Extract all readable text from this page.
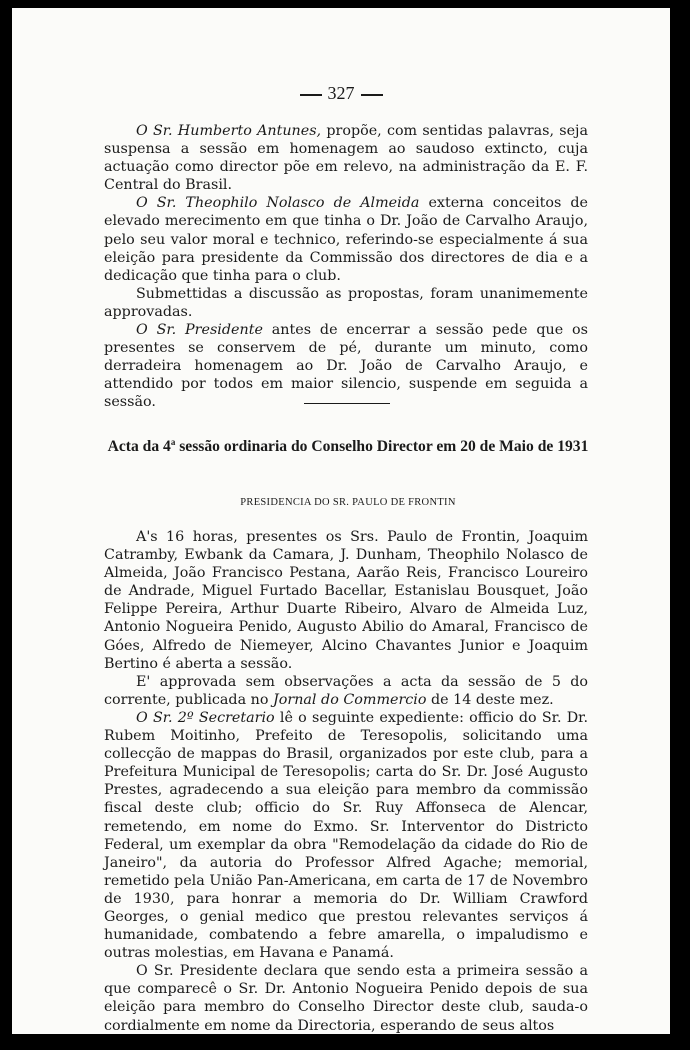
327

O Sr. Humberto Antunes, propõe, com sentidas palavras, seja suspensa a sessão em homenagem ao saudoso extincto, cuja actuação como director põe em relevo, na administração da E. F. Central do Brasil.

O Sr. Theophilo Nolasco de Almeida externa conceitos de elevado merecimento em que tinha o Dr. João de Carvalho Araujo, pelo seu valor moral e technico, referindo-se especialmente á sua eleição para presidente da Commissão dos directores de dia e a dedicação que tinha para o club.

Submettidas a discussão as propostas, foram unanimemente approvadas.

O Sr. Presidente antes de encerrar a sessão pede que os presentes se conservem de pé, durante um minuto, como derradeira homenagem ao Dr. João de Carvalho Araujo, e attendido por todos em maior silencio, suspende em seguida a sessão.

Acta da 4$^a$ sessão ordinaria do Conselho Director em 20 de Maio de 1931
PRESIDENCIA DO SR. PAULO DE FRONTIN

A's 16 horas, presentes os Srs. Paulo de Frontin, Joaquim Catramby, Ewbank da Camara, J. Dunham, Theophilo Nolasco de Almeida, João Francisco Pestana, Aarão Reis, Francisco Loureiro de Andrade, Miguel Furtado Bacellar, Estanislau Bousquet, João Felippe Pereira, Arthur Duarte Ribeiro, Alvaro de Almeida Luz, Antonio Nogueira Penido, Augusto Abilio do Amaral, Francisco de Góes, Alfredo de Niemeyer, Alcino Chavantes Junior e Joaquim Bertino é aberta a sessão.

E' approvada sem observações a acta da sessão de 5 do corrente, publicada no Jornal do Commercio de 14 deste mez.

O Sr. 2º Secretario lê o seguinte expediente: officio do Sr. Dr. Rubem Moitinho, Prefeito de Teresopolis, solicitando uma collecção de mappas do Brasil, organizados por este club, para a Prefeitura Municipal de Teresopolis; carta do Sr. Dr. José Augusto Prestes, agradecendo a sua eleição para membro da commissão fiscal deste club; officio do Sr. Ruy Affonseca de Alencar, remetendo, em nome do Exmo. Sr. Interventor do Districto Federal, um exemplar da obra "Remodelação da cidade do Rio de Janeiro", da autoria do Professor Alfred Agache; memorial, remetido pela União Pan-Americana, em carta de 17 de Novembro de 1930, para honrar a memoria do Dr. William Crawford Georges, o genial medico que prestou relevantes serviços á humanidade, combatendo a febre amarella, o impaludismo e outras molestias, em Havana e Panamá.

O Sr. Presidente declara que sendo esta a primeira sessão a que comparecê o Sr. Dr. Antonio Nogueira Penido depois de sua eleição para membro do Conselho Director deste club, sauda-o cordialmente em nome da Directoria, esperando de seus altos
